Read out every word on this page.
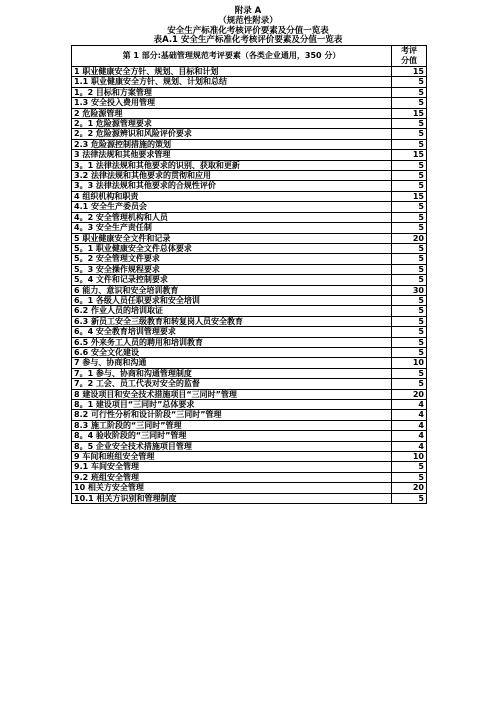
附录 A
（规范性附录）
安全生产标准化考核评价要素及分值一览表
表A.1 安全生产标准化考核评价要素及分值一览表
第 1 部分:基础管理规范考评要素（各类企业通用，350 分）	考评
	分值
1 职业健康安全方针、规划、目标和计划	15
1.1 职业健康安全方针、规划、计划和总结	5
1。2 目标和方案管理	5
1.3 安全投入费用管理	5
2 危险源管理	15
2。1 危险源管理要求	5
2。2 危险源辨识和风险评价要求	5
2.3 危险源控制措施的策划	5
3 法律法规和其他要求管理	15
3。1 法律法规和其他要求的识别、获取和更新	5
3.2 法律法规和其他要求的贯彻和应用	5
3。3 法律法规和其他要求的合规性评价	5
4 组织机构和职责	15
4.1 安全生产委员会	5
4。2 安全管理机构和人员	5
4。3 安全生产责任制	5
5 职业健康安全文件和记录	20
5。1 职业健康安全文件总体要求	5
5。2 安全管理文件要求	5
5。3 安全操作规程要求	5
5。4 文件和记录控制要求	5
6 能力、意识和安全培训教育	30
6。1 各级人员任职要求和安全培训	5
6.2 作业人员的培训取证	5
6.3 新员工安全三级教育和转复岗人员安全教育	5
6。4 安全教育培训管理要求	5
6.5 外来务工人员的聘用和培训教育	5
6.6 安全文化建设	5
7 参与、协商和沟通	10
7。1 参与、协商和沟通管理制度	5
7。2 工会、员工代表对安全的监督	5
8 建设项目和安全技术措施项目“三同时”管理	20
8。1 建设项目“三同时”总体要求	4
8.2 可行性分析和设计阶段“三同时”管理	4
8.3 施工阶段的“三同时”管理	4
8。4 验收阶段的“三同时”管理	4
8。5 企业安全技术措施项目管理	4
9 车间和班组安全管理	10
9.1 车间安全管理	5
9.2 班组安全管理	5
10 相关方安全管理	20
10.1 相关方识别和管理制度	5
